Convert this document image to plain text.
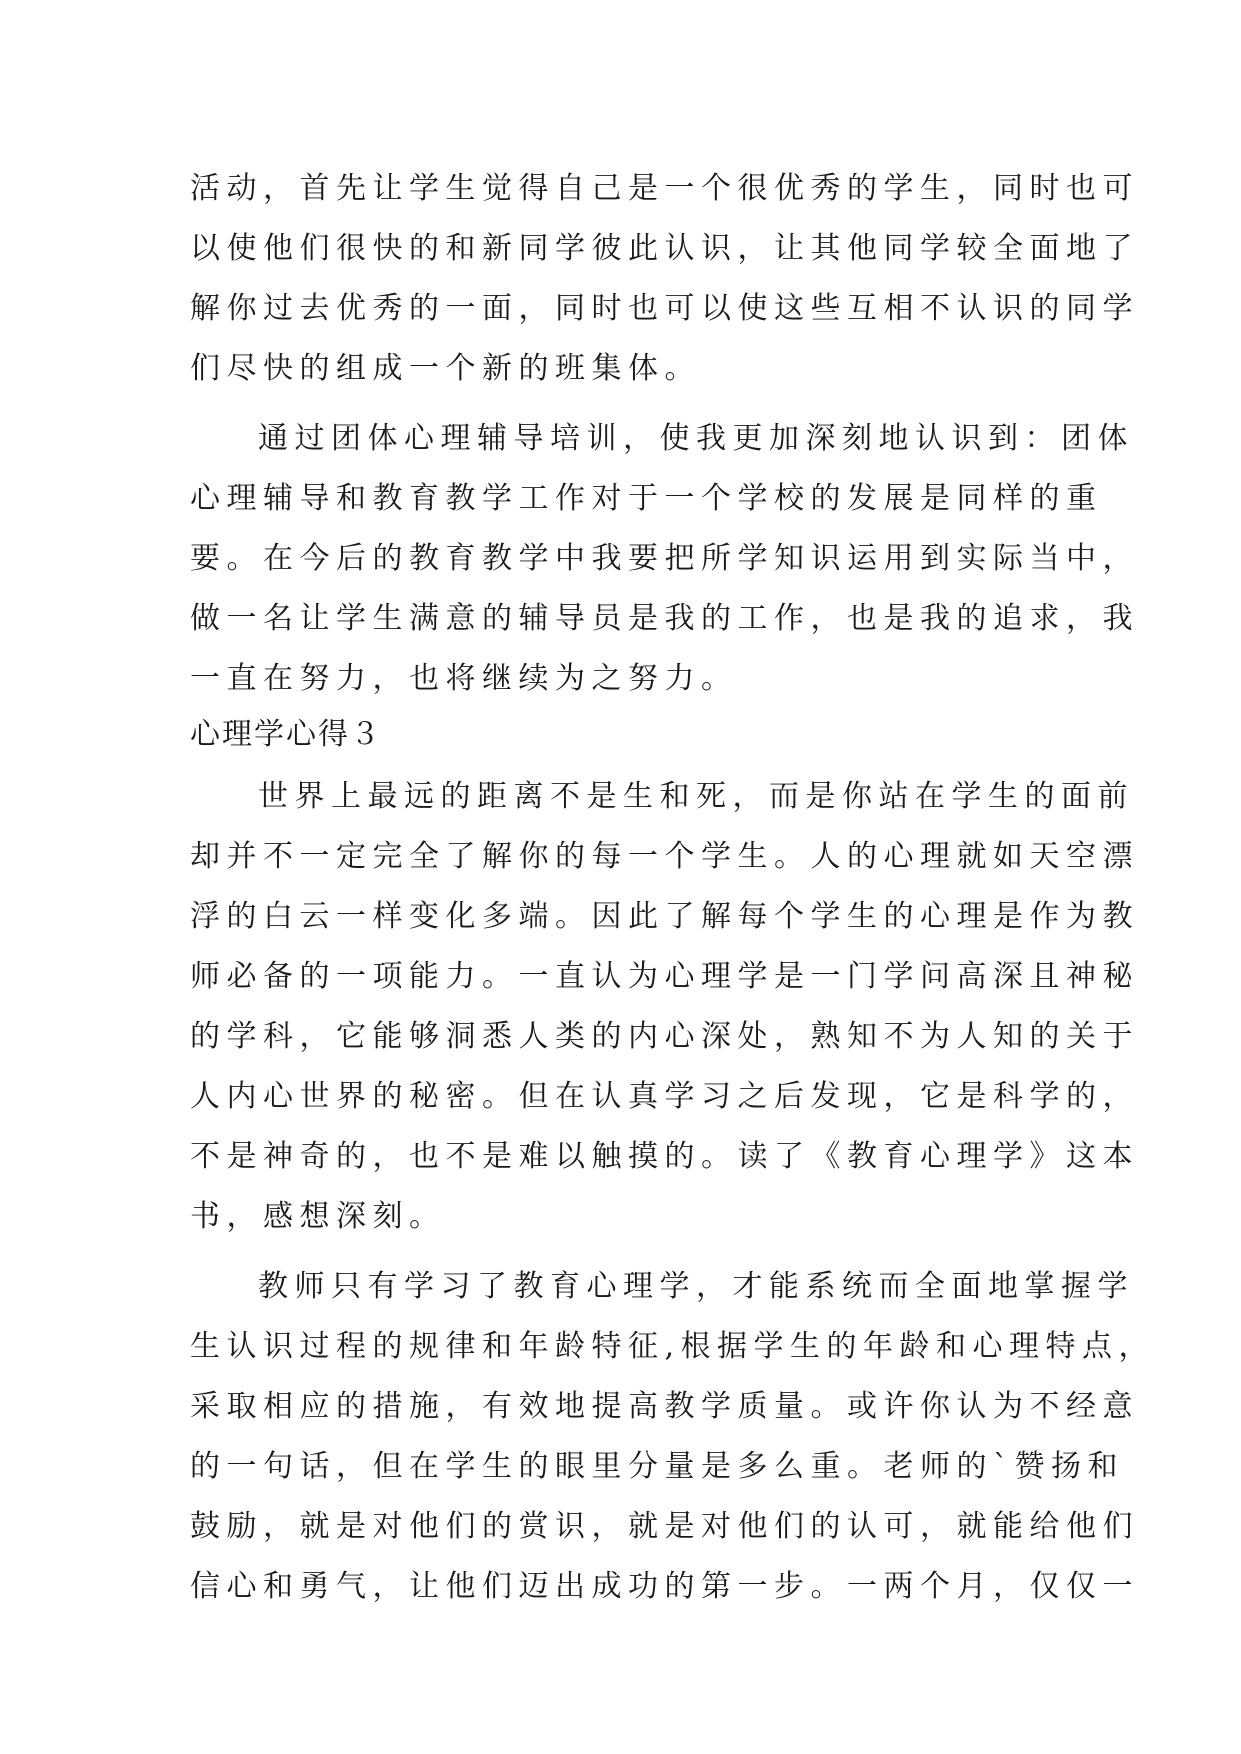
活动，首先让学生觉得自己是一个很优秀的学生，同时也可
以使他们很快的和新同学彼此认识，让其他同学较全面地了
解你过去优秀的一面，同时也可以使这些互相不认识的同学
们尽快的组成一个新的班集体。
通过团体心理辅导培训，使我更加深刻地认识到：团体
心理辅导和教育教学工作对于一个学校的发展是同样的重
要。在今后的教育教学中我要把所学知识运用到实际当中，
做一名让学生满意的辅导员是我的工作，也是我的追求，我
一直在努力，也将继续为之努力。
心理学心得３
世界上最远的距离不是生和死，而是你站在学生的面前
却并不一定完全了解你的每一个学生。人的心理就如天空漂
浮的白云一样变化多端。因此了解每个学生的心理是作为教
师必备的一项能力。一直认为心理学是一门学问高深且神秘
的学科，它能够洞悉人类的内心深处，熟知不为人知的关于
人内心世界的秘密。但在认真学习之后发现，它是科学的，
不是神奇的，也不是难以触摸的。读了《教育心理学》这本
书，感想深刻。
教师只有学习了教育心理学，才能系统而全面地掌握学
生认识过程的规律和年龄特征,根据学生的年龄和心理特点，
采取相应的措施，有效地提高教学质量。或许你认为不经意
的一句话，但在学生的眼里分量是多么重。老师的`赞扬和
鼓励，就是对他们的赏识，就是对他们的认可，就能给他们
信心和勇气，让他们迈出成功的第一步。一两个月，仅仅一
